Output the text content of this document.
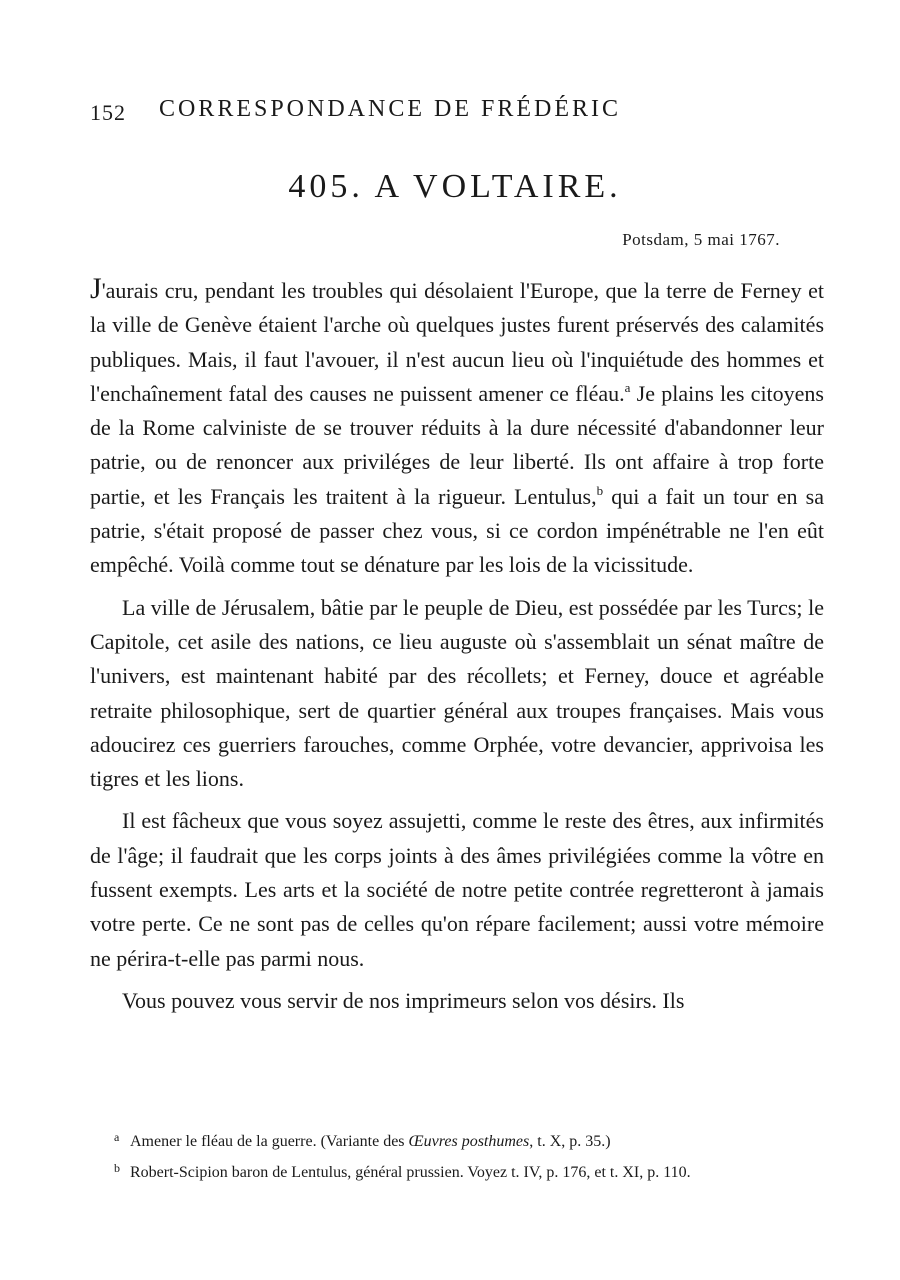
152	CORRESPONDANCE DE FRÉDÉRIC
405. A VOLTAIRE.
Potsdam, 5 mai 1767.

J'aurais cru, pendant les troubles qui désolaient l'Europe, que la terre de Ferney et la ville de Genève étaient l'arche où quelques justes furent préservés des calamités publiques. Mais, il faut l'avouer, il n'est aucun lieu où l'inquiétude des hommes et l'enchaînement fatal des causes ne puissent amener ce fléau.$^a$ Je plains les citoyens de la Rome calviniste de se trouver réduits à la dure nécessité d'abandonner leur patrie, ou de renoncer aux priviléges de leur liberté. Ils ont affaire à trop forte partie, et les Français les traitent à la rigueur. Lentulus,$^b$ qui a fait un tour en sa patrie, s'était proposé de passer chez vous, si ce cordon impénétrable ne l'en eût empêché. Voilà comme tout se dénature par les lois de la vicissitude.

La ville de Jérusalem, bâtie par le peuple de Dieu, est possédée par les Turcs; le Capitole, cet asile des nations, ce lieu auguste où s'assemblait un sénat maître de l'univers, est maintenant habité par des récollets; et Ferney, douce et agréable retraite philosophique, sert de quartier général aux troupes françaises. Mais vous adoucirez ces guerriers farouches, comme Orphée, votre devancier, apprivoisa les tigres et les lions.

Il est fâcheux que vous soyez assujetti, comme le reste des êtres, aux infirmités de l'âge; il faudrait que les corps joints à des âmes privilégiées comme la vôtre en fussent exempts. Les arts et la société de notre petite contrée regretteront à jamais votre perte. Ce ne sont pas de celles qu'on répare facilement; aussi votre mémoire ne périra-t-elle pas parmi nous.

Vous pouvez vous servir de nos imprimeurs selon vos désirs. Ils

a Amener le fléau de la guerre. (Variante des Œuvres posthumes, t. X, p. 35.)
b Robert-Scipion baron de Lentulus, général prussien. Voyez t. IV, p. 176, et t. XI, p. 110.
